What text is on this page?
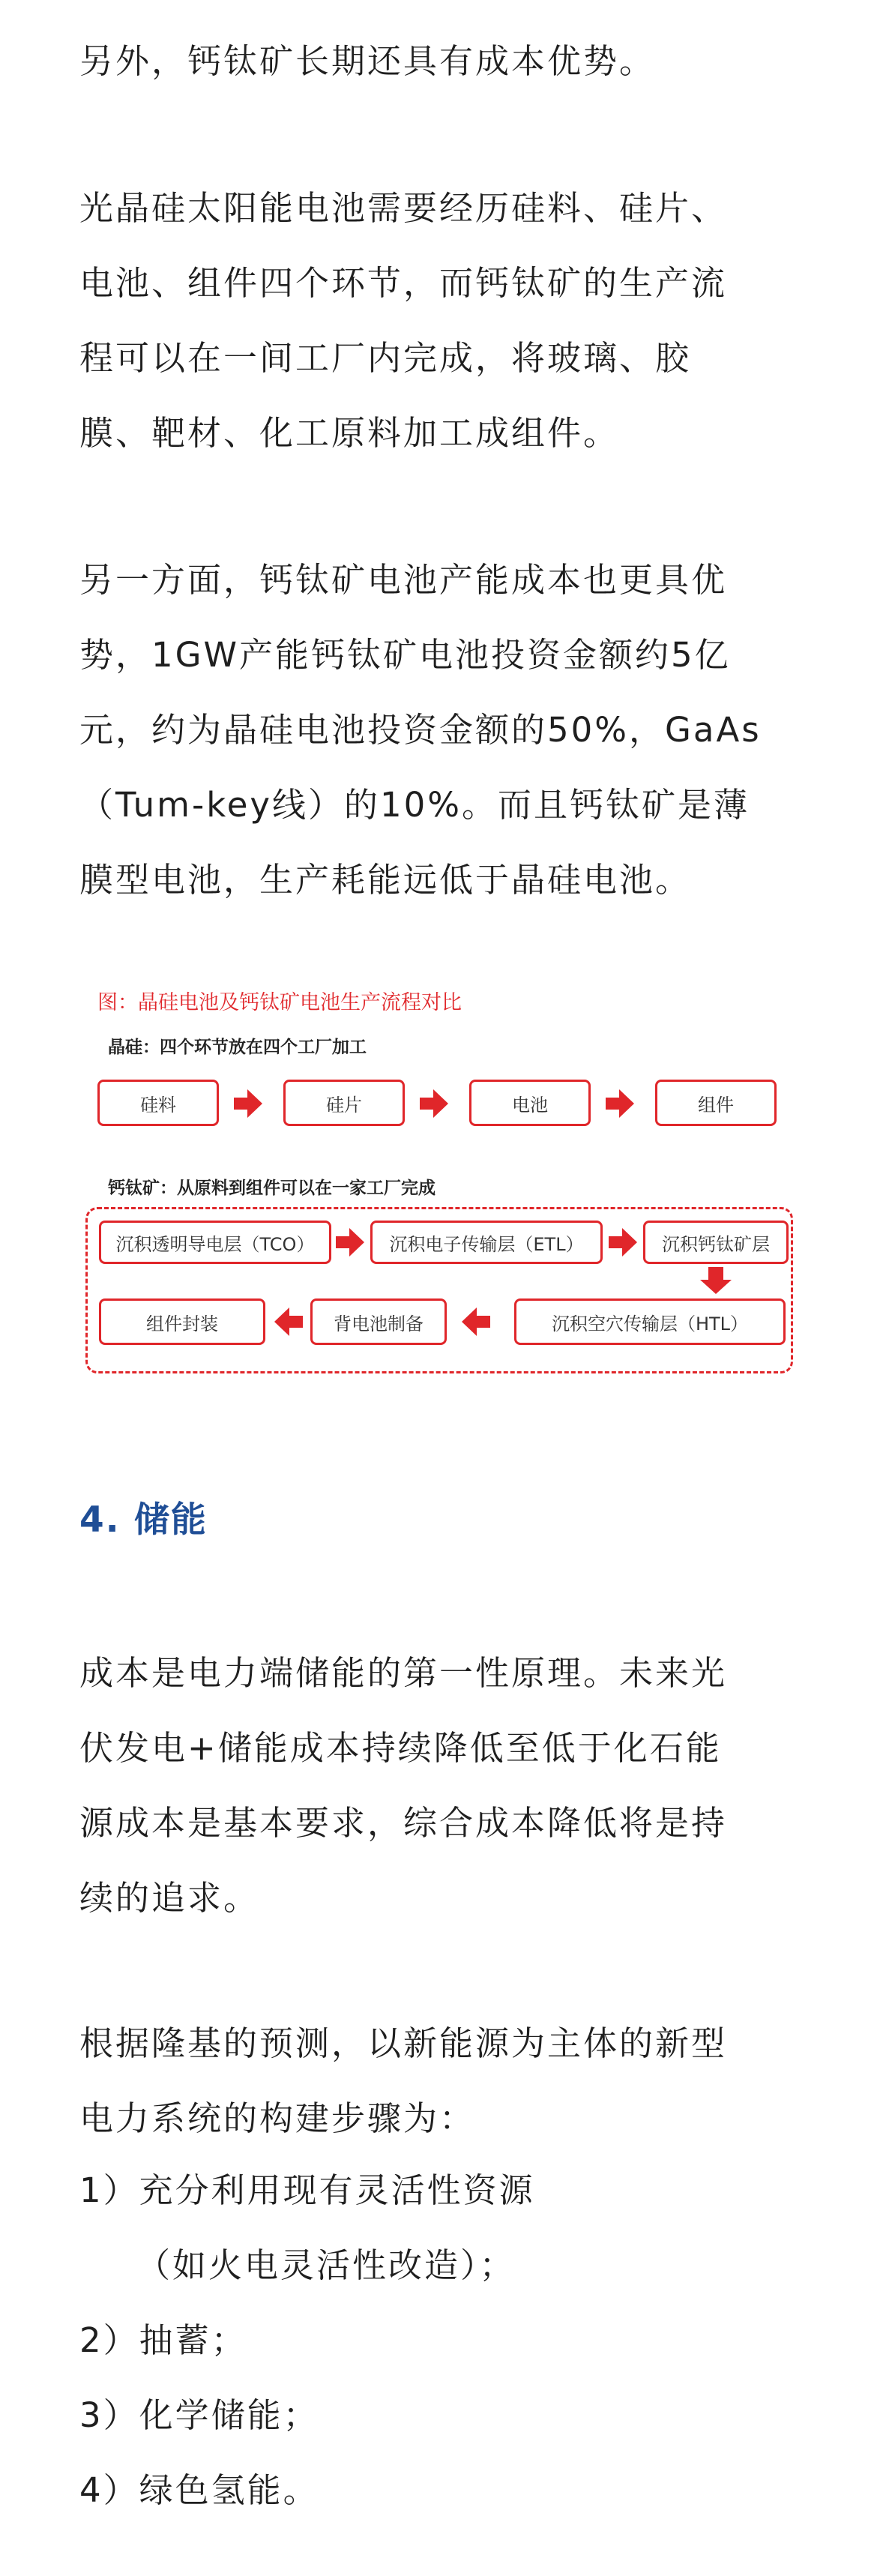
另外，钙钛矿长期还具有成本优势。

光晶硅太阳能电池需要经历硅料、硅片、
电池、组件四个环节，而钙钛矿的生产流
程可以在一间工厂内完成，将玻璃、胶
膜、靶材、化工原料加工成组件。

另一方面，钙钛矿电池产能成本也更具优
势，1GW产能钙钛矿电池投资金额约5亿
元，约为晶硅电池投资金额的50%，GaAs
（Tum-key线）的10%。而且钙钛矿是薄
膜型电池，生产耗能远低于晶硅电池。

图：晶硅电池及钙钛矿电池生产流程对比
晶硅：四个环节放在四个工厂加工
硅料	硅片	电池	组件
钙钛矿：从原料到组件可以在一家工厂完成
沉积透明导电层（TCO）	沉积电子传输层（ETL）	沉积钙钛矿层
组件封装	背电池制备	沉积空穴传输层（HTL）
4. 储能

成本是电力端储能的第一性原理。未来光
伏发电+储能成本持续降低至低于化石能
源成本是基本要求，综合成本降低将是持
续的追求。

根据隆基的预测，以新能源为主体的新型
电力系统的构建步骤为：

1）充分利用现有灵活性资源
（如火电灵活性改造）；
2）抽蓄；
3）化学储能；
4）绿色氢能。
